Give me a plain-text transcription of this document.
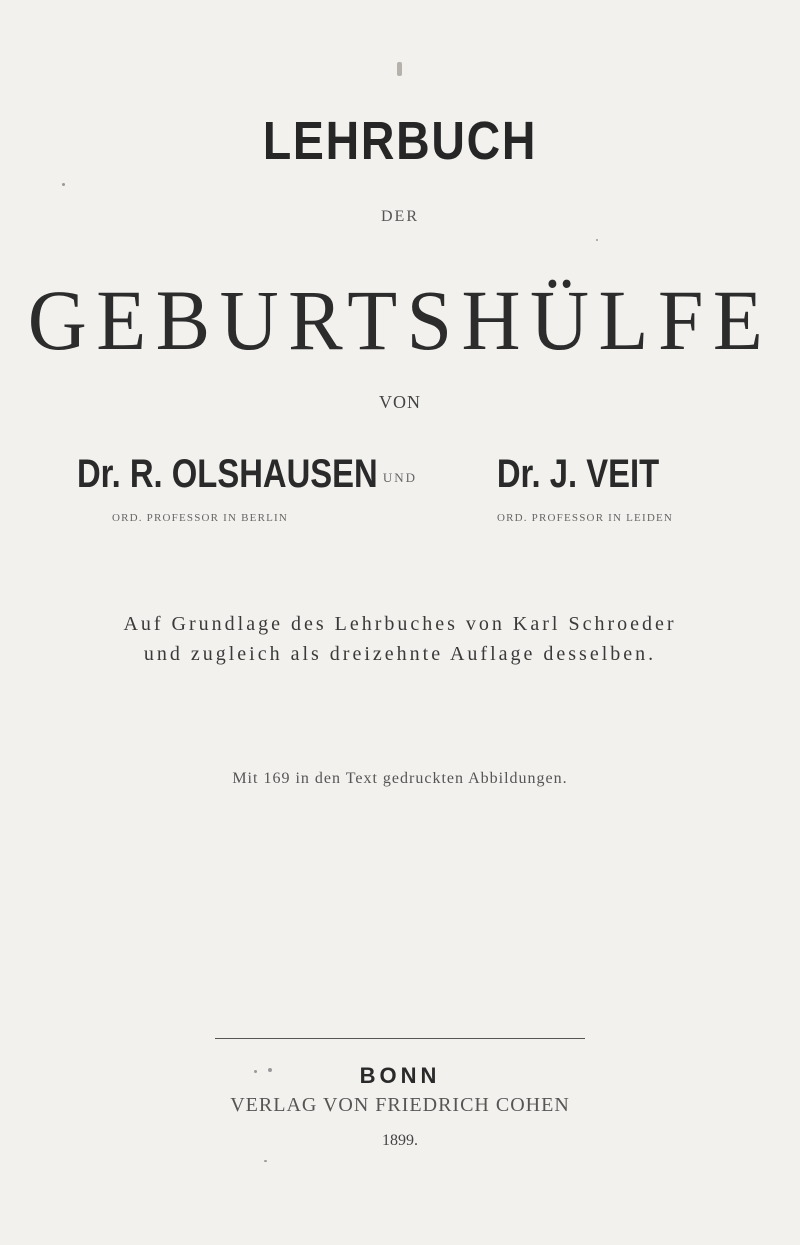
LEHRBUCH
DER
GEBURTSHÜLFE
VON
Dr. R. OLSHAUSEN UND	Dr. J. VEIT
ORD. PROFESSOR IN BERLIN	ORD. PROFESSOR IN LEIDEN
Auf Grundlage des Lehrbuches von Karl Schroeder
und zugleich als dreizehnte Auflage desselben.
Mit 169 in den Text gedruckten Abbildungen.
BONN
VERLAG VON FRIEDRICH COHEN
1899.
